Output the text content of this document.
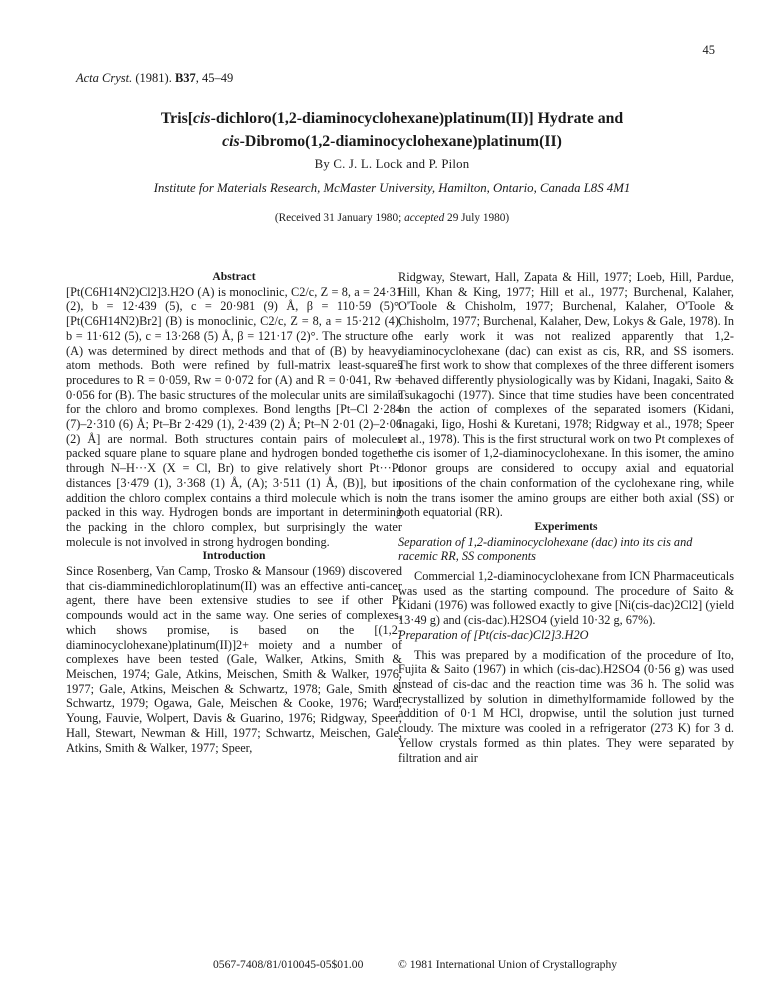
45
Acta Cryst. (1981). B37, 45–49
Tris[cis-dichloro(1,2-diaminocyclohexane)platinum(II)] Hydrate and
cis-Dibromo(1,2-diaminocyclohexane)platinum(II)
By C. J. L. Lock and P. Pilon
Institute for Materials Research, McMaster University, Hamilton, Ontario, Canada L8S 4M1
(Received 31 January 1980; accepted 29 July 1980)

Abstract

[Pt(C6H14N2)Cl2]3.H2O (A) is monoclinic, C2/c, Z = 8, a = 24·31 (2), b = 12·439 (5), c = 20·981 (9) Å, β = 110·59 (5)°. [Pt(C6H14N2)Br2] (B) is monoclinic, C2/c, Z = 8, a = 15·212 (4), b = 11·612 (5), c = 13·268 (5) Å, β = 121·17 (2)°. The structure of (A) was determined by direct methods and that of (B) by heavy-atom methods. Both were refined by full-matrix least-squares procedures to R = 0·059, Rw = 0·072 for (A) and R = 0·041, Rw = 0·056 for (B). The basic structures of the molecular units are similar for the chloro and bromo complexes. Bond lengths [Pt–Cl 2·284 (7)–2·310 (6) Å; Pt–Br 2·429 (1), 2·439 (2) Å; Pt–N 2·01 (2)–2·06 (2) Å] are normal. Both structures contain pairs of molecules packed square plane to square plane and hydrogen bonded together through N–H···X (X = Cl, Br) to give relatively short Pt···Pt distances [3·479 (1), 3·368 (1) Å, (A); 3·511 (1) Å, (B)], but in addition the chloro complex contains a third molecule which is not packed in this way. Hydrogen bonds are important in determining the packing in the chloro complex, but surprisingly the water molecule is not involved in strong hydrogen bonding.

Introduction

Since Rosenberg, Van Camp, Trosko & Mansour (1969) discovered that cis-diamminedichloroplatinum(II) was an effective anti-cancer agent, there have been extensive studies to see if other Pt compounds would act in the same way. One series of complexes, which shows promise, is based on the [(1,2-diaminocyclohexane)platinum(II)]2+ moiety and a number of complexes have been tested (Gale, Walker, Atkins, Smith & Meischen, 1974; Gale, Atkins, Meischen, Smith & Walker, 1976, 1977; Gale, Atkins, Meischen & Schwartz, 1978; Gale, Smith & Schwartz, 1979; Ogawa, Gale, Meischen & Cooke, 1976; Ward, Young, Fauvie, Wolpert, Davis & Guarino, 1976; Ridgway, Speer, Hall, Stewart, Newman & Hill, 1977; Schwartz, Meischen, Gale, Atkins, Smith & Walker, 1977; Speer,

Ridgway, Stewart, Hall, Zapata & Hill, 1977; Loeb, Hill, Pardue, Hill, Khan & King, 1977; Hill et al., 1977; Burchenal, Kalaher, O'Toole & Chisholm, 1977; Burchenal, Kalaher, O'Toole & Chisholm, 1977; Burchenal, Kalaher, Dew, Lokys & Gale, 1978). In the early work it was not realized apparently that 1,2-diaminocyclohexane (dac) can exist as cis, RR, and SS isomers. The first work to show that complexes of the three different isomers behaved differently physiologically was by Kidani, Inagaki, Saito & Tsukagochi (1977). Since that time studies have been concentrated on the action of complexes of the separated isomers (Kidani, Inagaki, Iigo, Hoshi & Kuretani, 1978; Ridgway et al., 1978; Speer et al., 1978). This is the first structural work on two Pt complexes of the cis isomer of 1,2-diaminocyclohexane. In this isomer, the amino donor groups are considered to occupy axial and equatorial positions of the chain conformation of the cyclohexane ring, while in the trans isomer the amino groups are either both axial (SS) or both equatorial (RR).

Experiments

Separation of 1,2-diaminocyclohexane (dac) into its cis and racemic RR, SS components

Commercial 1,2-diaminocyclohexane from ICN Pharmaceuticals was used as the starting compound. The procedure of Saito & Kidani (1976) was followed exactly to give [Ni(cis-dac)2Cl2] (yield 13·49 g) and (cis-dac).H2SO4 (yield 10·32 g, 67%).

Preparation of [Pt(cis-dac)Cl2]3.H2O

This was prepared by a modification of the procedure of Ito, Fujita & Saito (1967) in which (cis-dac).H2SO4 (0·56 g) was used instead of cis-dac and the reaction time was 36 h. The solid was recrystallized by solution in dimethylformamide followed by the addition of 0·1 M HCl, dropwise, until the solution just turned cloudy. The mixture was cooled in a refrigerator (273 K) for 3 d. Yellow crystals formed as thin plates. They were separated by filtration and air

0567-7408/81/010045-05$01.00	© 1981 International Union of Crystallography
